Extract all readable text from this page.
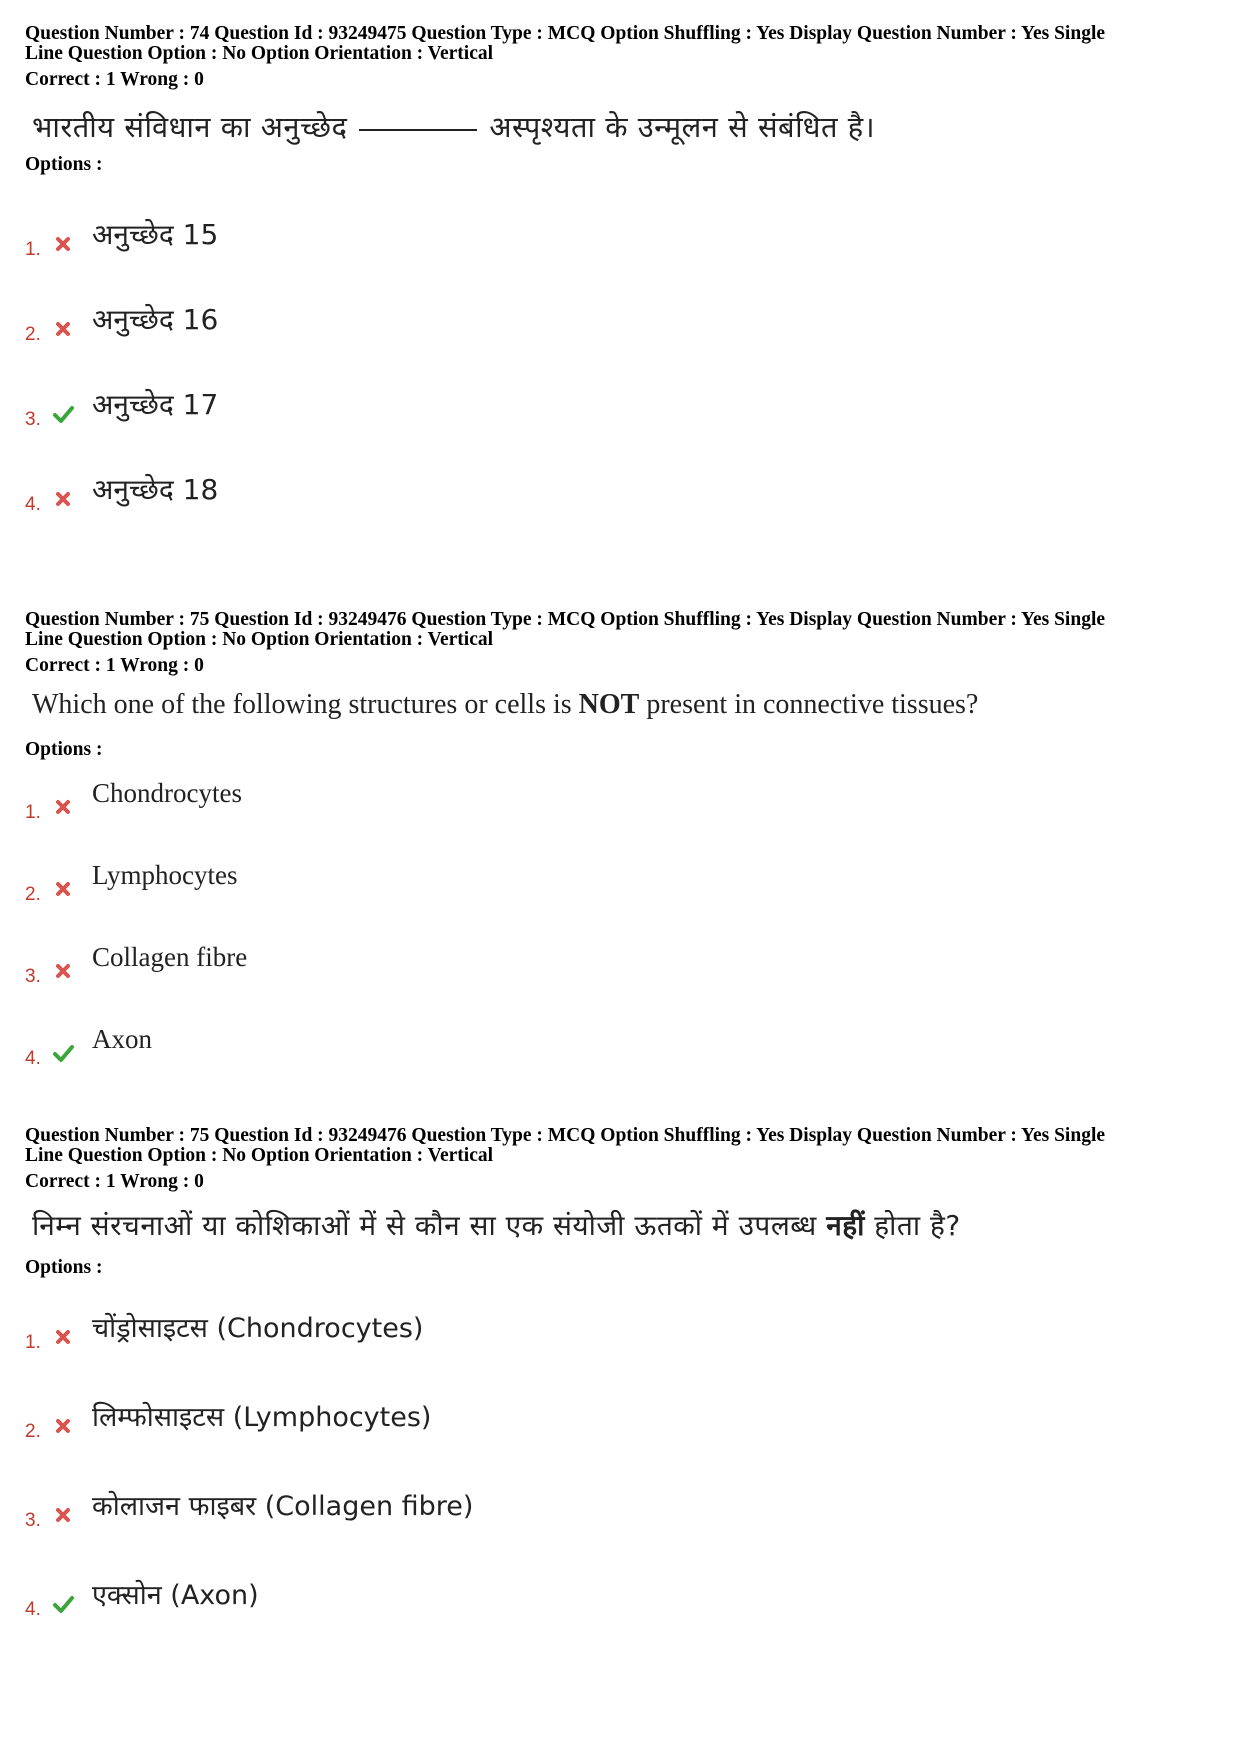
Question Number : 74 Question Id : 93249475 Question Type : MCQ Option Shuffling : Yes Display Question Number : Yes Single
Line Question Option : No Option Orientation : Vertical
Correct : 1 Wrong : 0
भारतीय संविधान का अनुच्छेद	अस्पृश्यता के उन्मूलन से संबंधित है।
Options :
1. अनुच्छेद 15
2. अनुच्छेद 16
3. अनुच्छेद 17
4. अनुच्छेद 18
Question Number : 75 Question Id : 93249476 Question Type : MCQ Option Shuffling : Yes Display Question Number : Yes Single
Line Question Option : No Option Orientation : Vertical
Correct : 1 Wrong : 0
Which one of the following structures or cells is NOT present in connective tissues?
Options :
1.
Chondrocytes
2.
Lymphocytes
3.
Collagen fibre
4.
Axon
Question Number : 75 Question Id : 93249476 Question Type : MCQ Option Shuffling : Yes Display Question Number : Yes Single
Line Question Option : No Option Orientation : Vertical
Correct : 1 Wrong : 0
निम्न संरचनाओं या कोशिकाओं में से कौन सा एक संयोजी ऊतकों में उपलब्ध नहीं होता है?
Options :
1. चोंड्रोसाइटस (Chondrocytes)
2. लिम्फोसाइटस (Lymphocytes)
3. कोलाजन फाइबर (Collagen fibre)
4. एक्सोन (Axon)
